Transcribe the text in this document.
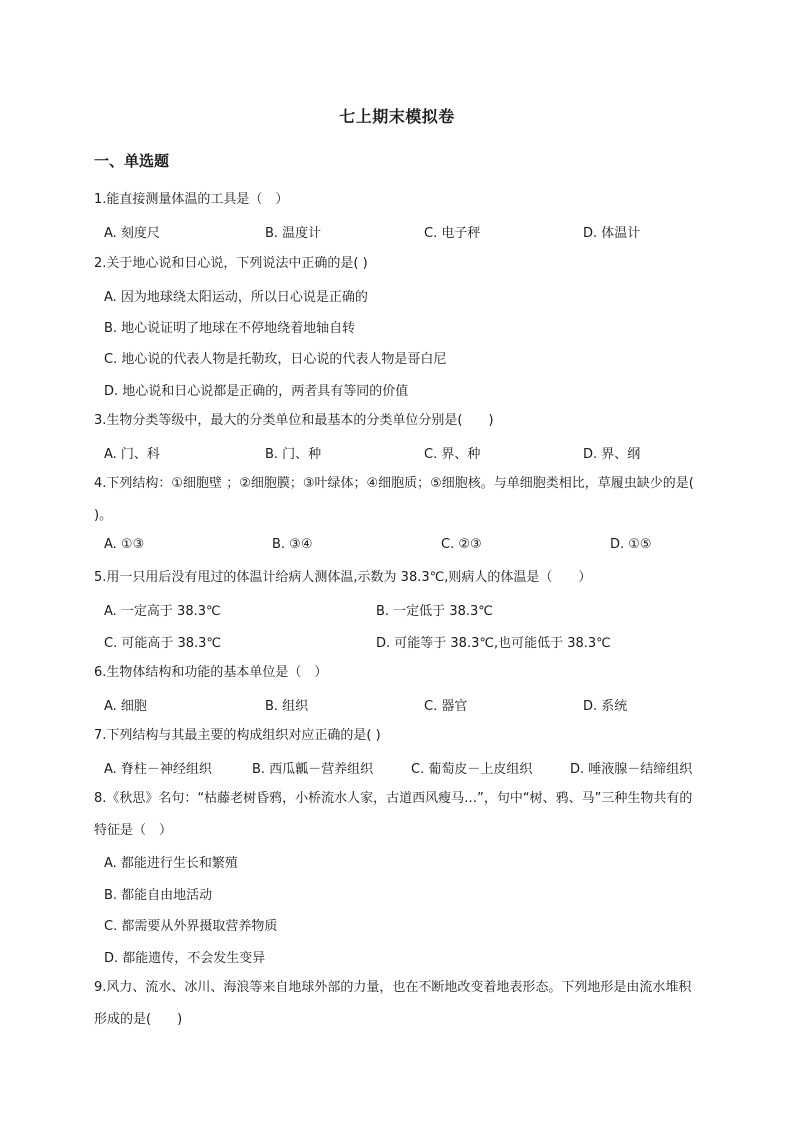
七上期末模拟卷
一、单选题
1.能直接测量体温的工具是（　）
A. 刻度尺	B. 温度计	C. 电子秤	D. 体温计
2.关于地心说和日心说，下列说法中正确的是( )
A. 因为地球绕太阳运动，所以日心说是正确的
B. 地心说证明了地球在不停地绕着地轴自转
C. 地心说的代表人物是托勒玫，日心说的代表人物是哥白尼
D. 地心说和日心说都是正确的，两者具有等同的价值
3.生物分类等级中，最大的分类单位和最基本的分类单位分别是(　　)
A. 门、科	B. 门、种	C. 界、种	D. 界、纲
4.下列结构：①细胞壁 ；②细胞膜；③叶绿体；④细胞质；⑤细胞核。与单细胞类相比，草履虫缺少的是( )。
A. ①③	B. ③④	C. ②③	D. ①⑤
5.用一只用后没有甩过的体温计给病人测体温,示数为 38.3℃,则病人的体温是（　　）
A. 一定高于 38.3℃	B. 一定低于 38.3℃
C. 可能高于 38.3℃	D. 可能等于 38.3℃,也可能低于 38.3℃
6.生物体结构和功能的基本单位是（　）
A. 细胞	B. 组织	C. 器官	D. 系统
7.下列结构与其最主要的构成组织对应正确的是( )
A. 脊柱－神经组织	B. 西瓜瓤－营养组织	C. 葡萄皮－上皮组织	D. 唾液腺－结缔组织
8.《秋思》名句：“枯藤老树昏鸦，小桥流水人家，古道西风瘦马…”，句中“树、鸦、马”三种生物共有的特征是（　）
A. 都能进行生长和繁殖
B. 都能自由地活动
C. 都需要从外界摄取营养物质
D. 都能遗传，不会发生变异
9.风力、流水、冰川、海浪等来自地球外部的力量，也在不断地改变着地表形态。下列地形是由流水堆积形成的是(　　)
